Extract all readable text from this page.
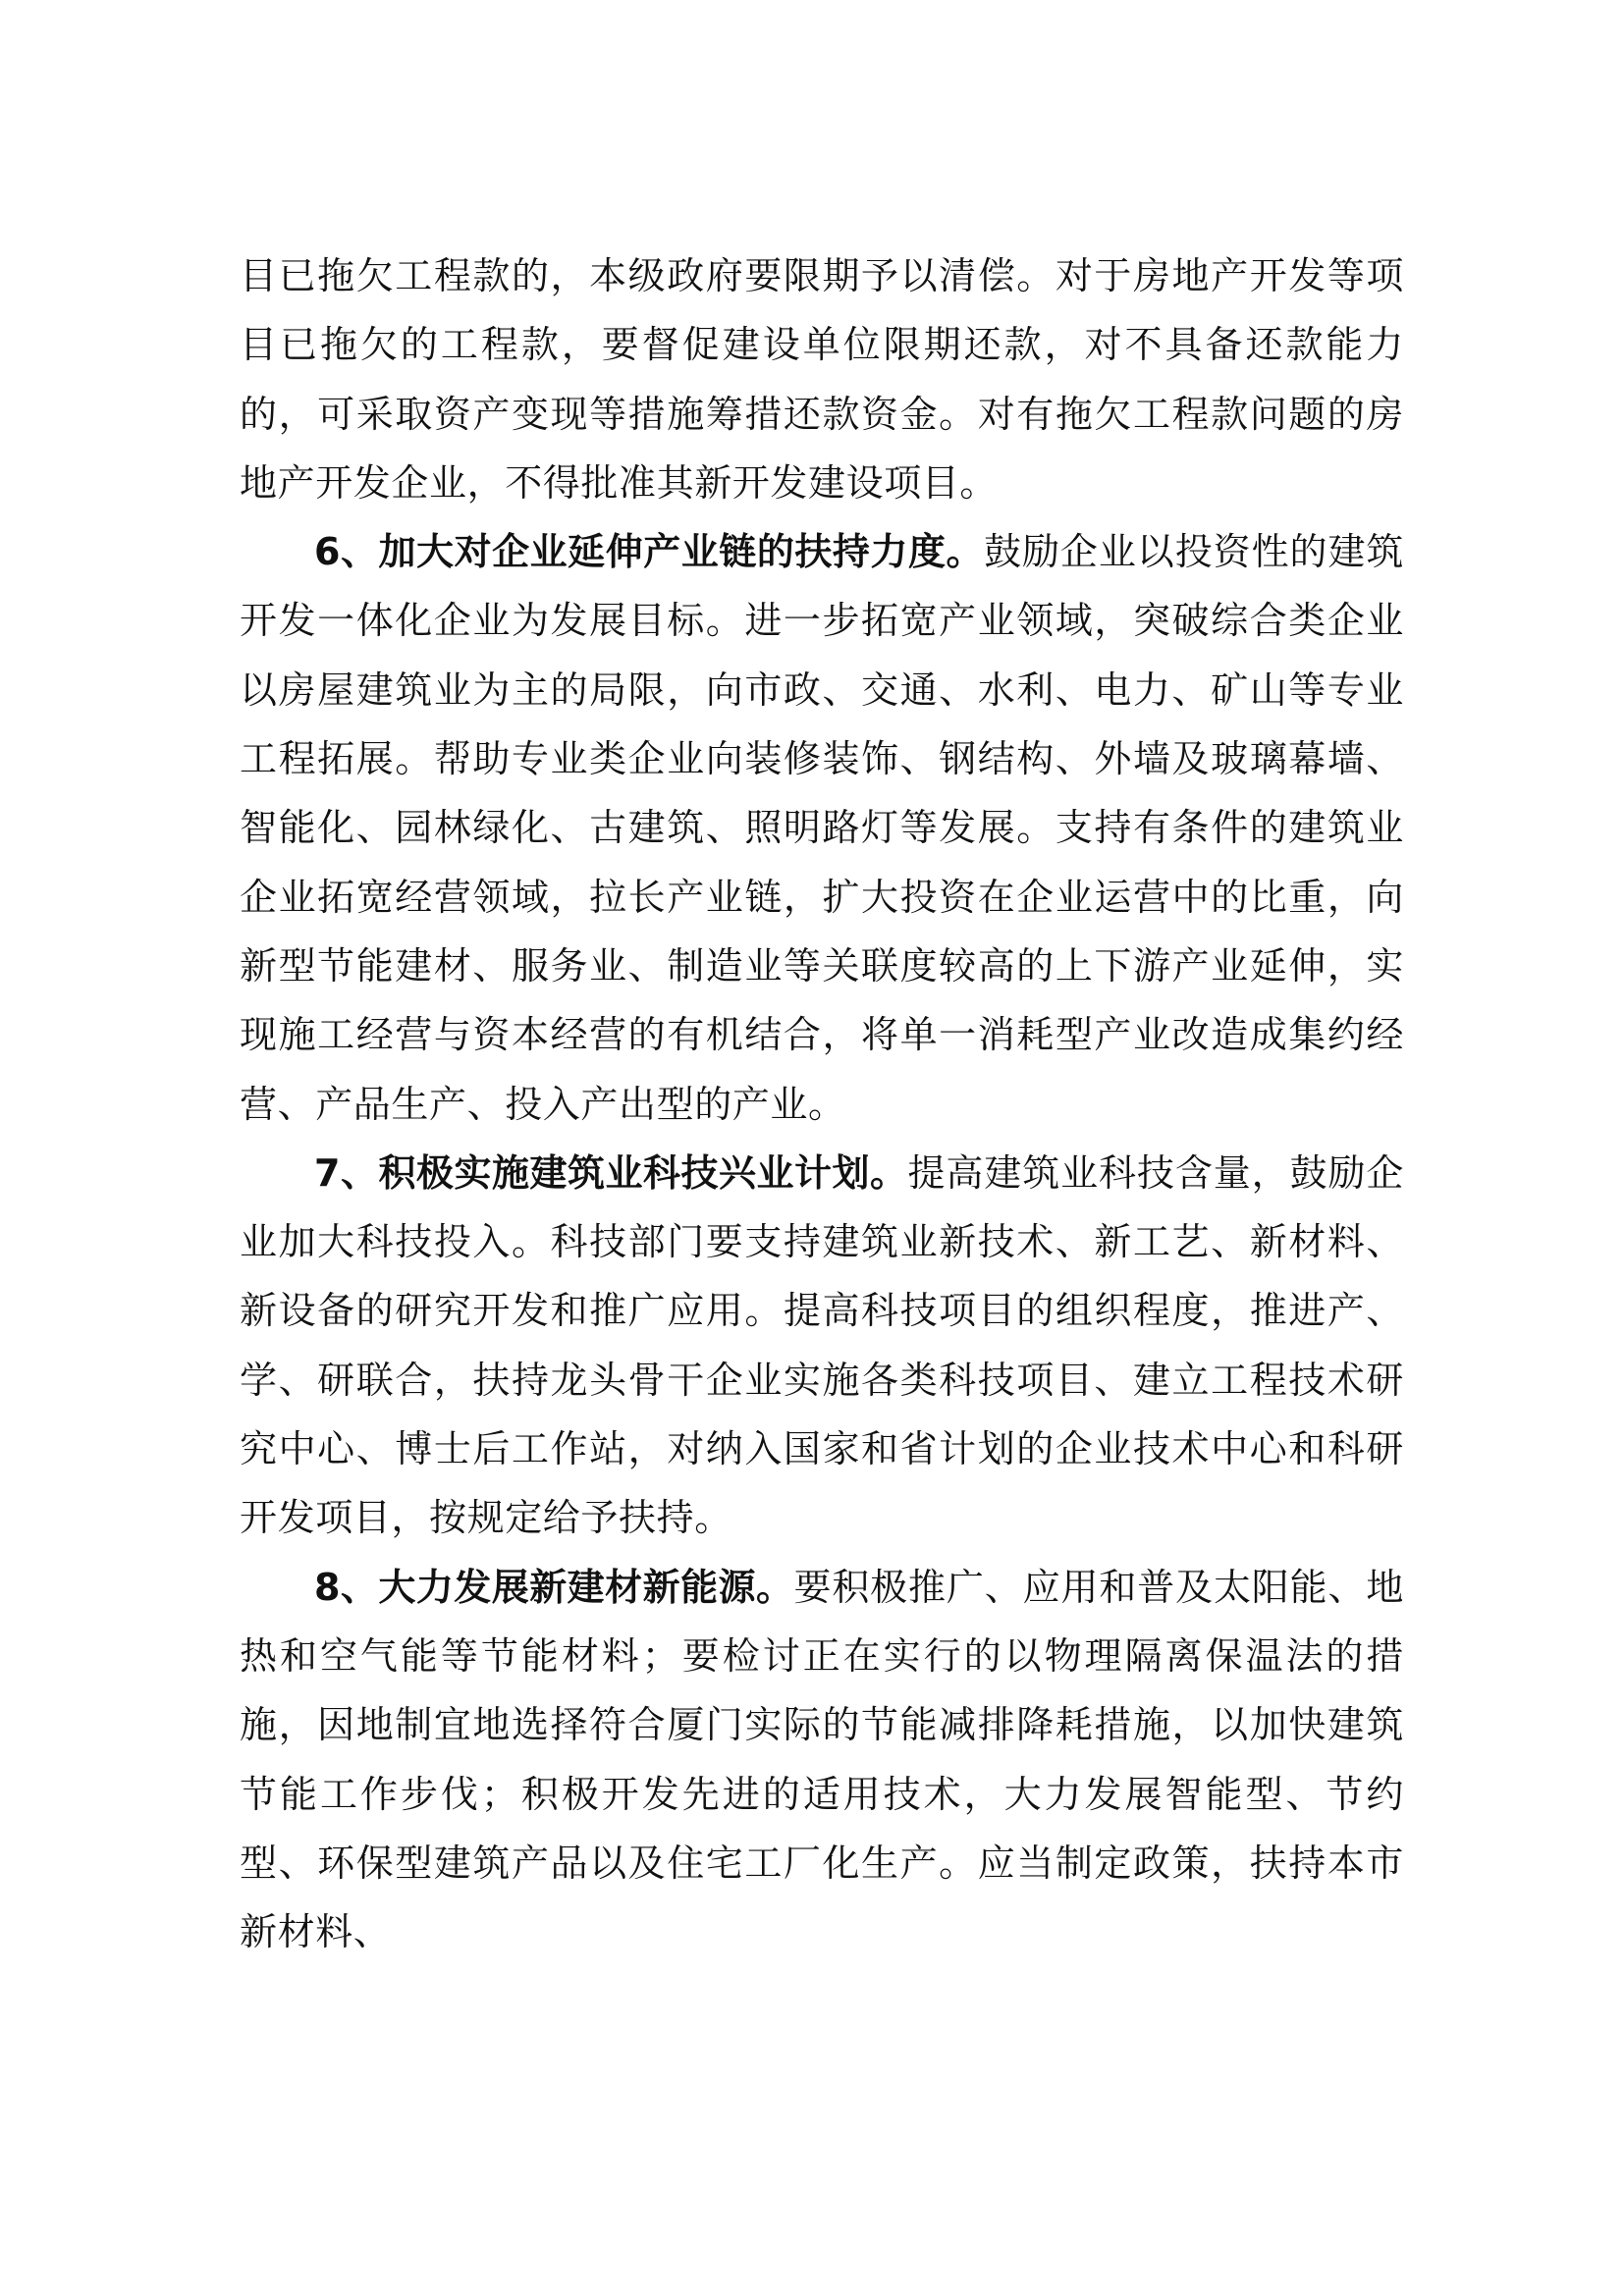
目已拖欠工程款的，本级政府要限期予以清偿。对于房地产开发等项目已拖欠的工程款，要督促建设单位限期还款，对不具备还款能力的，可采取资产变现等措施筹措还款资金。对有拖欠工程款问题的房地产开发企业，不得批准其新开发建设项目。

6、加大对企业延伸产业链的扶持力度。鼓励企业以投资性的建筑开发一体化企业为发展目标。进一步拓宽产业领域，突破综合类企业以房屋建筑业为主的局限，向市政、交通、水利、电力、矿山等专业工程拓展。帮助专业类企业向装修装饰、钢结构、外墙及玻璃幕墙、智能化、园林绿化、古建筑、照明路灯等发展。支持有条件的建筑业企业拓宽经营领域，拉长产业链，扩大投资在企业运营中的比重，向新型节能建材、服务业、制造业等关联度较高的上下游产业延伸，实现施工经营与资本经营的有机结合，将单一消耗型产业改造成集约经营、产品生产、投入产出型的产业。

7、积极实施建筑业科技兴业计划。提高建筑业科技含量，鼓励企业加大科技投入。科技部门要支持建筑业新技术、新工艺、新材料、新设备的研究开发和推广应用。提高科技项目的组织程度，推进产、学、研联合，扶持龙头骨干企业实施各类科技项目、建立工程技术研究中心、博士后工作站，对纳入国家和省计划的企业技术中心和科研开发项目，按规定给予扶持。

8、大力发展新建材新能源。要积极推广、应用和普及太阳能、地热和空气能等节能材料；要检讨正在实行的以物理隔离保温法的措施，因地制宜地选择符合厦门实际的节能减排降耗措施，以加快建筑节能工作步伐；积极开发先进的适用技术，大力发展智能型、节约型、环保型建筑产品以及住宅工厂化生产。应当制定政策，扶持本市新材料、
